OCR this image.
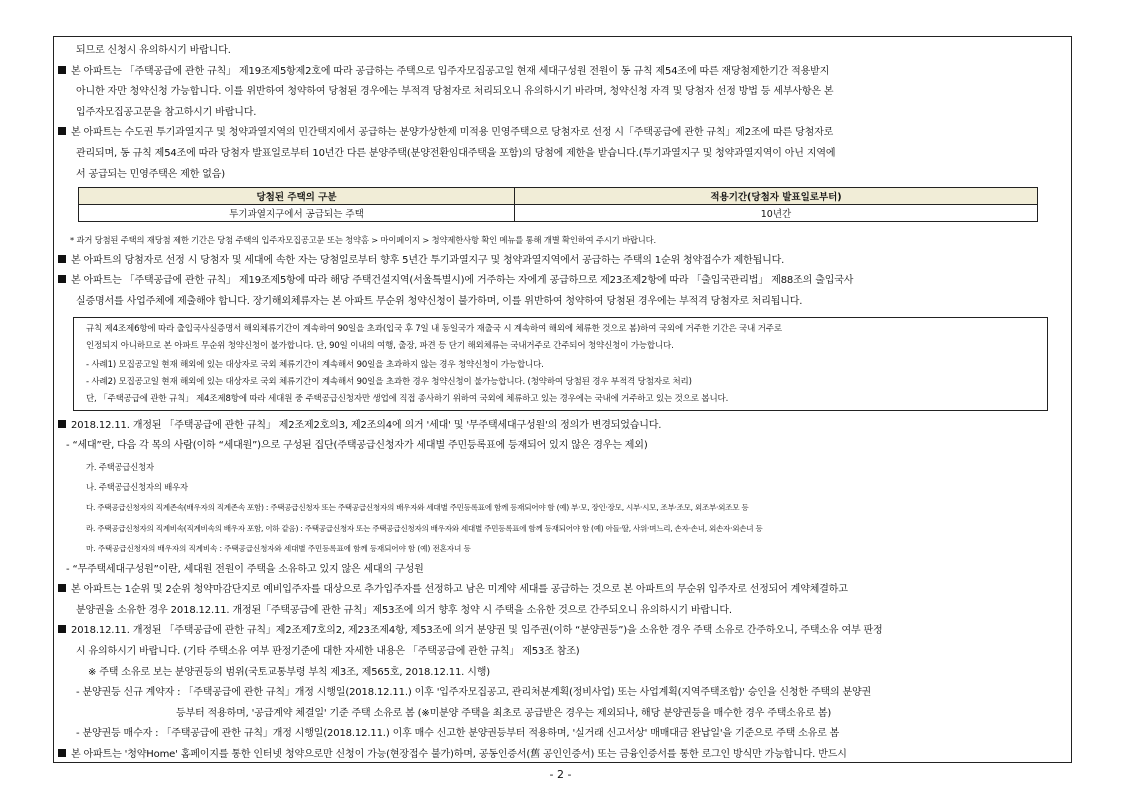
되므로 신청시 유의하시기 바랍니다.
본 아파트는 「주택공급에 관한 규칙」 제19조제5항제2호에 따라 공급하는 주택으로 입주자모집공고일 현재 세대구성원 전원이 동 규칙 제54조에 따른 재당첨제한기간 적용받지
아니한 자만 청약신청 가능합니다. 이를 위반하여 청약하여 당첨된 경우에는 부적격 당첨자로 처리되오니 유의하시기 바라며, 청약신청 자격 및 당첨자 선정 방법 등 세부사항은 본
입주자모집공고문을 참고하시기 바랍니다.
본 아파트는 수도권 투기과열지구 및 청약과열지역의 민간택지에서 공급하는 분양가상한제 미적용 민영주택으로 당첨자로 선정 시「주택공급에 관한 규칙」제2조에 따른 당첨자로
관리되며, 동 규칙 제54조에 따라 당첨자 발표일로부터 10년간 다른 분양주택(분양전환임대주택을 포함)의 당첨에 제한을 받습니다.(투기과열지구 및 청약과열지역이 아닌 지역에
서 공급되는 민영주택은 제한 없음)
당첨된 주택의 구분	적용기간(당첨자 발표일로부터)
투기과열지구에서 공급되는 주택	10년간
* 과거 당첨된 주택의 재당첨 제한 기간은 당첨 주택의 입주자모집공고문 또는 청약홈 > 마이페이지 > 청약제한사항 확인 메뉴를 통해 개별 확인하여 주시기 바랍니다.
본 아파트의 당첨자로 선정 시 당첨자 및 세대에 속한 자는 당첨일로부터 향후 5년간 투기과열지구 및 청약과열지역에서 공급하는 주택의 1순위 청약접수가 제한됩니다.
본 아파트는 「주택공급에 관한 규칙」 제19조제5항에 따라 해당 주택건설지역(서울특별시)에 거주하는 자에게 공급하므로 제23조제2항에 따라 「출입국관리법」 제88조의 출입국사
실증명서를 사업주체에 제출해야 합니다. 장기해외체류자는 본 아파트 무순위 청약신청이 불가하며, 이를 위반하여 청약하여 당첨된 경우에는 부적격 당첨자로 처리됩니다.
규칙 제4조제6항에 따라 출입국사실증명서 해외체류기간이 계속하여 90일을 초과(입국 후 7일 내 동일국가 재출국 시 계속하여 해외에 체류한 것으로 봄)하여 국외에 거주한 기간은 국내 거주로
인정되지 아니하므로 본 아파트 무순위 청약신청이 불가합니다. 단, 90일 이내의 여행, 출장, 파견 등 단기 해외체류는 국내거주로 간주되어 청약신청이 가능합니다.
- 사례1) 모집공고일 현재 해외에 있는 대상자로 국외 체류기간이 계속해서 90일을 초과하지 않는 경우 청약신청이 가능합니다.
- 사례2) 모집공고일 현재 해외에 있는 대상자로 국외 체류기간이 계속해서 90일을 초과한 경우 청약신청이 불가능합니다. (청약하여 당첨된 경우 부적격 당첨자로 처리)
단, 「주택공급에 관한 규칙」 제4조제8항에 따라 세대원 중 주택공급신청자만 생업에 직접 종사하기 위하여 국외에 체류하고 있는 경우에는 국내에 거주하고 있는 것으로 봅니다.
2018.12.11. 개정된 「주택공급에 관한 규칙」 제2조제2호의3, 제2조의4에 의거 '세대' 및 '무주택세대구성원'의 정의가 변경되었습니다.
- “세대”란, 다음 각 목의 사람(이하 “세대원”)으로 구성된 집단(주택공급신청자가 세대별 주민등록표에 등재되어 있지 않은 경우는 제외)
가. 주택공급신청자
나. 주택공급신청자의 배우자
다. 주택공급신청자의 직계존속(배우자의 직계존속 포함) : 주택공급신청자 또는 주택공급신청자의 배우자와 세대별 주민등록표에 함께 등재되어야 함 (예) 부·모, 장인·장모, 시부·시모, 조부·조모, 외조부·외조모 등
라. 주택공급신청자의 직계비속(직계비속의 배우자 포함, 이하 같음) : 주택공급신청자 또는 주택공급신청자의 배우자와 세대별 주민등록표에 함께 등재되어야 함 (예) 아들·딸, 사위·며느리, 손자·손녀, 외손자·외손녀 등
마. 주택공급신청자의 배우자의 직계비속 : 주택공급신청자와 세대별 주민등록표에 함께 등재되어야 함 (예) 전혼자녀 등
- “무주택세대구성원”이란, 세대원 전원이 주택을 소유하고 있지 않은 세대의 구성원
본 아파트는 1순위 및 2순위 청약마감단지로 예비입주자를 대상으로 추가입주자를 선정하고 남은 미계약 세대를 공급하는 것으로 본 아파트의 무순위 입주자로 선정되어 계약체결하고
분양권을 소유한 경우 2018.12.11. 개정된「주택공급에 관한 규칙」제53조에 의거 향후 청약 시 주택을 소유한 것으로 간주되오니 유의하시기 바랍니다.
2018.12.11. 개정된 「주택공급에 관한 규칙」제2조제7호의2, 제23조제4항, 제53조에 의거 분양권 및 입주권(이하 “분양권등”)을 소유한 경우 주택 소유로 간주하오니, 주택소유 여부 판정
시 유의하시기 바랍니다. (기타 주택소유 여부 판정기준에 대한 자세한 내용은 「주택공급에 관한 규칙」 제53조 참조)
※ 주택 소유로 보는 분양권등의 범위(국토교통부령 부칙 제3조, 제565호, 2018.12.11. 시행)
- 분양권등 신규 계약자 : 「주택공급에 관한 규칙」개정 시행일(2018.12.11.) 이후 '입주자모집공고, 관리처분계획(정비사업) 또는 사업계획(지역주택조합)' 승인을 신청한 주택의 분양권
등부터 적용하며, '공급계약 체결일' 기준 주택 소유로 봄 (※미분양 주택을 최초로 공급받은 경우는 제외되나, 해당 분양권등을 매수한 경우 주택소유로 봄)
- 분양권등 매수자 : 「주택공급에 관한 규칙」개정 시행일(2018.12.11.) 이후 매수 신고한 분양권등부터 적용하며, '실거래 신고서상' 매매대금 완납일'을 기준으로 주택 소유로 봄
본 아파트는 '청약Home' 홈페이지를 통한 인터넷 청약으로만 신청이 가능(현장접수 불가)하며, 공동인증서(舊 공인인증서) 또는 금융인증서를 통한 로그인 방식만 가능합니다. 반드시
- 2 -
